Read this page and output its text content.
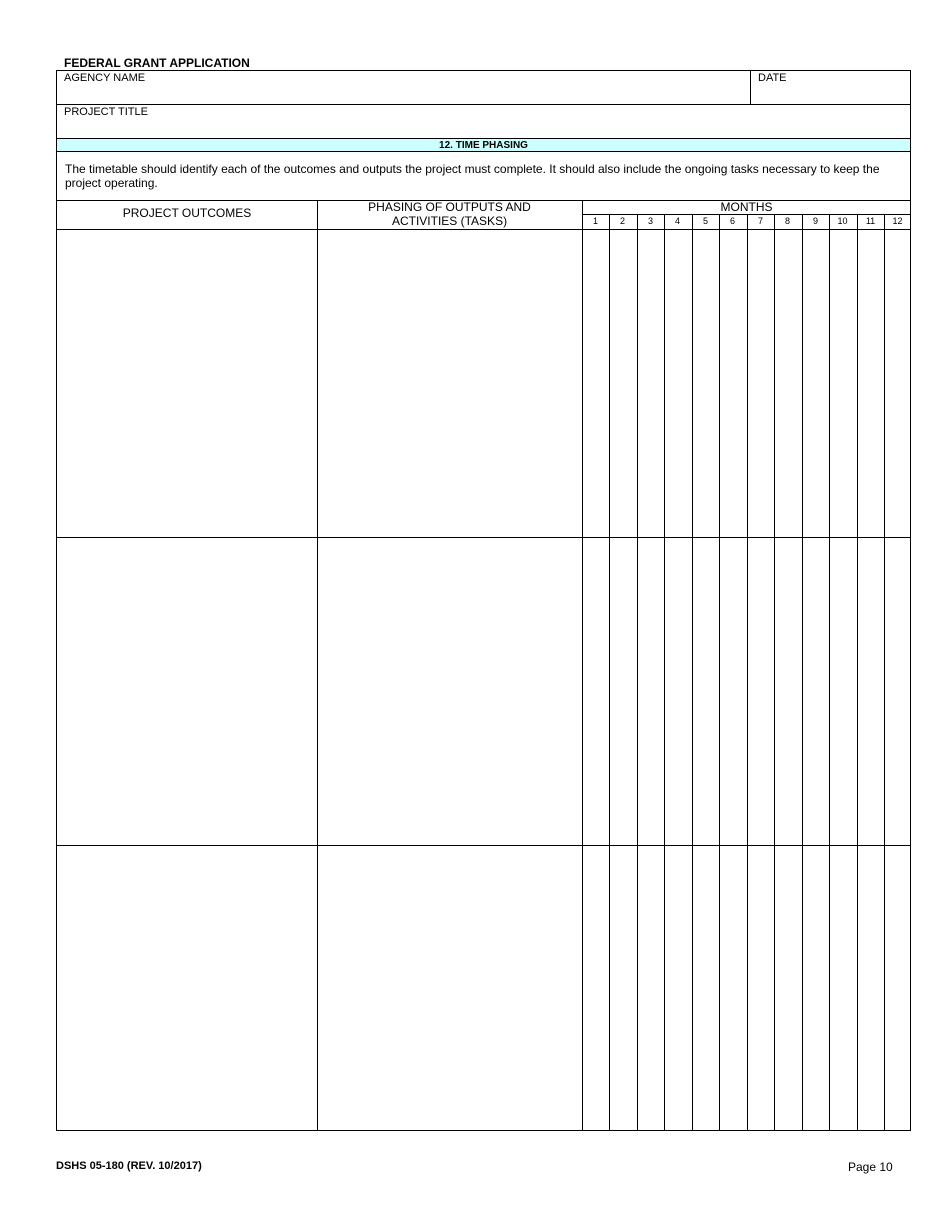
FEDERAL GRANT APPLICATION
AGENCY NAME	DATE
PROJECT TITLE
12. TIME PHASING
The timetable should identify each of the outcomes and outputs the project must complete. It should also include the ongoing tasks necessary to keep the project operating.
PROJECT OUTCOMES	PHASING OF OUTPUTS AND
ACTIVITIES (TASKS)
MONTHS
1	2	3	4	5	6	7	8	9	10	11	12
DSHS 05-180 (REV. 10/2017)	Page 10
